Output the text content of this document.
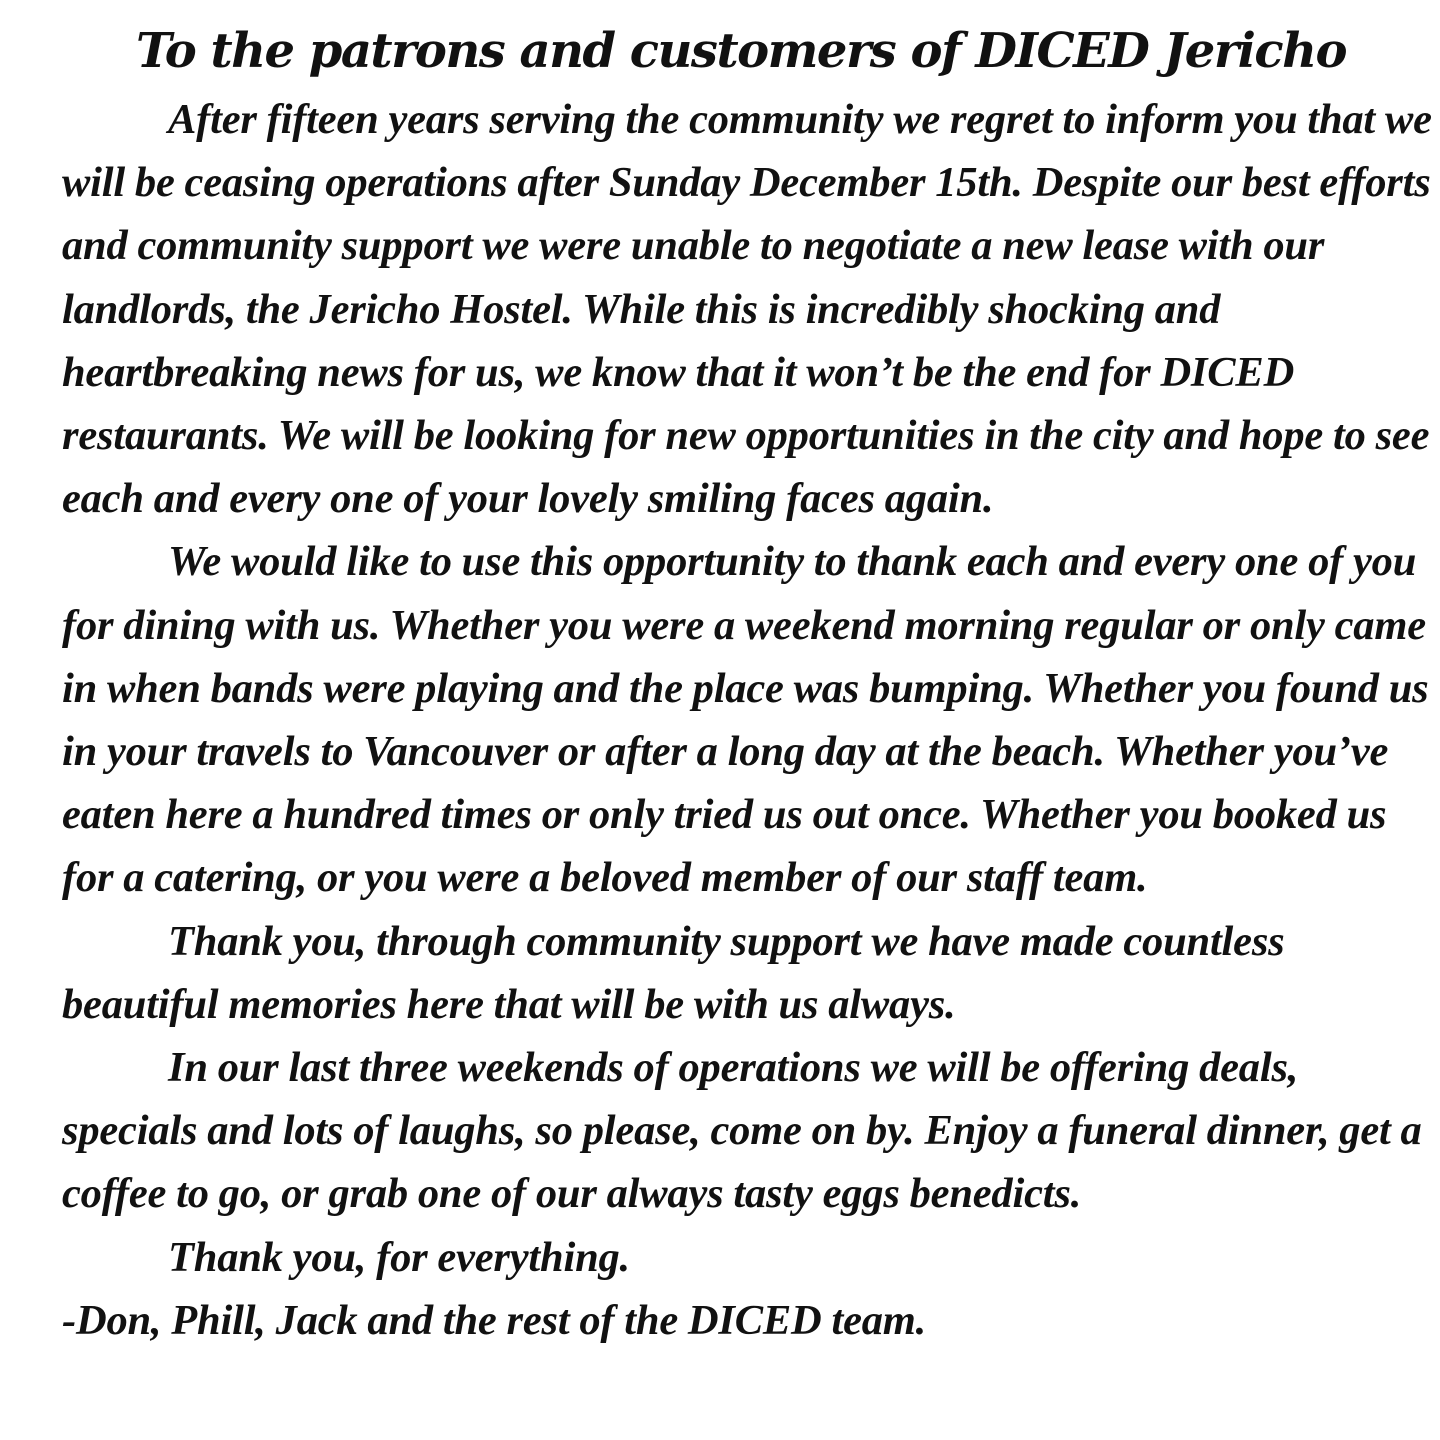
To the patrons and customers of DICED Jericho

After fifteen years serving the community we regret to inform you that we will be ceasing operations after Sunday December 15th. Despite our best efforts and community support we were unable to negotiate a new lease with our landlords, the Jericho Hostel. While this is incredibly shocking and heartbreaking news for us, we know that it won’t be the end for DICED restaurants. We will be looking for new opportunities in the city and hope to see each and every one of your lovely smiling faces again.

We would like to use this opportunity to thank each and every one of you for dining with us. Whether you were a weekend morning regular or only came in when bands were playing and the place was bumping. Whether you found us in your travels to Vancouver or after a long day at the beach. Whether you’ve eaten here a hundred times or only tried us out once. Whether you booked us for a catering, or you were a beloved member of our staff team.

Thank you, through community support we have made countless beautiful memories here that will be with us always.

In our last three weekends of operations we will be offering deals, specials and lots of laughs, so please, come on by. Enjoy a funeral dinner, get a coffee to go, or grab one of our always tasty eggs benedicts.

Thank you, for everything.

-Don, Phill, Jack and the rest of the DICED team.
